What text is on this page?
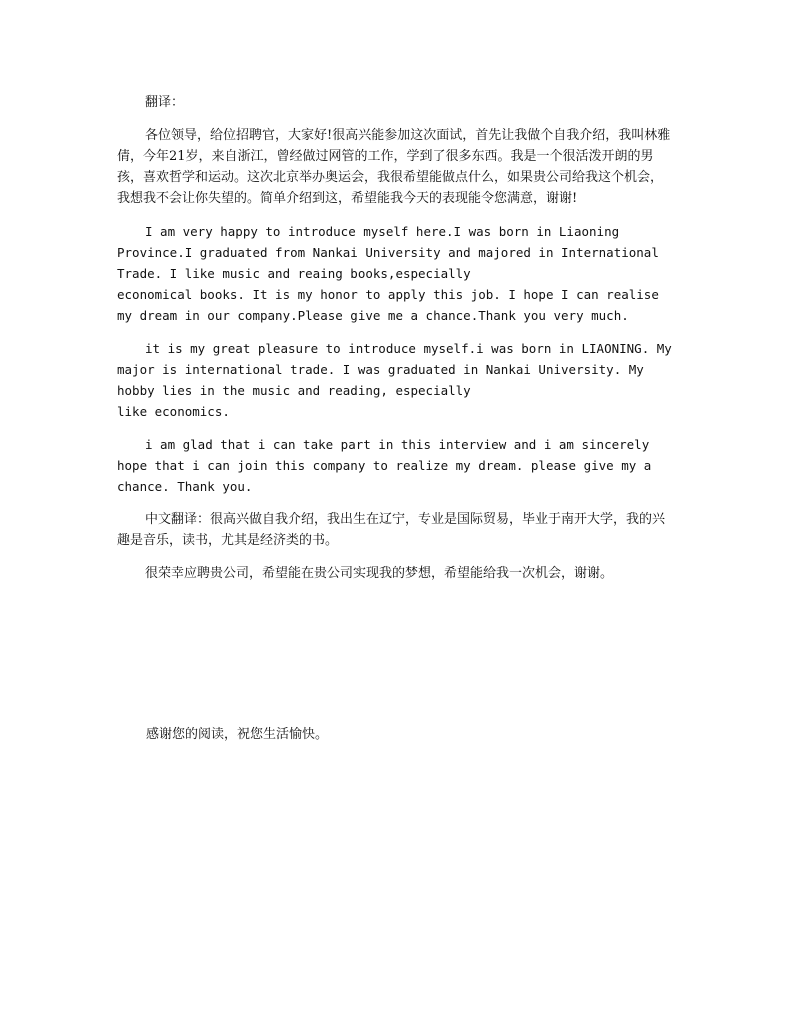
翻译：

各位领导，给位招聘官，大家好!很高兴能参加这次面试，首先让我做个自我介绍，我叫林雅倩，今年21岁，来自浙江，曾经做过网管的工作，学到了很多东西。我是一个很活泼开朗的男孩，喜欢哲学和运动。这次北京举办奥运会，我很希望能做点什么，如果贵公司给我这个机会，我想我不会让你失望的。简单介绍到这，希望能我今天的表现能令您满意，谢谢!

I am very happy to introduce myself here.I was born in Liaoning Province.I graduated from Nankai University and majored in International Trade. I like music and reaing books,especially
economical books. It is my honor to apply this job. I hope I can realise my dream in our company.Please give me a chance.Thank you very much.

it is my great pleasure to introduce myself.i was born in LIAONING. My major is international trade. I was graduated in Nankai University. My hobby lies in the music and reading, especially
like economics.

i am glad that i can take part in this interview and i am sincerely hope that i can join this company to realize my dream. please give my a chance. Thank you.

中文翻译：很高兴做自我介绍，我出生在辽宁，专业是国际贸易，毕业于南开大学，我的兴趣是音乐，读书，尤其是经济类的书。

很荣幸应聘贵公司，希望能在贵公司实现我的梦想，希望能给我一次机会，谢谢。

感谢您的阅读，祝您生活愉快。
